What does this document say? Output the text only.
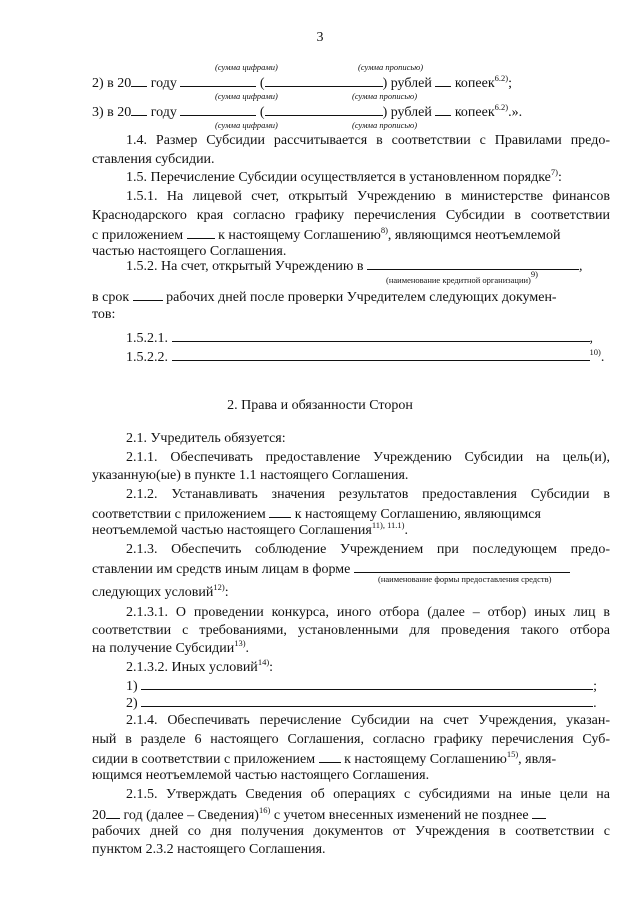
3
(сумма цифрами)	(сумма прописью)
2) в 20 году	(	) рублей копеек$^{6.2)}$;
(сумма цифрами)	(сумма прописью)
3) в 20 году	(	) рублей копеек$^{6.2)}$.».
(сумма цифрами)	(сумма прописью)
1.4. Размер Субсидии рассчитывается в соответствии с Правилами предо-
ставления субсидии.
1.5. Перечисление Субсидии осуществляется в установленном порядке$^{7)}$:
1.5.1. На лицевой счет, открытый Учреждению в министерстве финансов
Краснодарского края согласно графику перечисления Субсидии в соответствии
с приложением	к настоящему Соглашению$^{8)}$, являющимся неотъемлемой
частью настоящего Соглашения.
1.5.2. На счет, открытый Учреждению в	,
(наименование кредитной организации)$^{9)}$
в срок	рабочих дней после проверки Учредителем следующих докумен-
тов:
1.5.2.1.	,
1.5.2.2.	$^{10)}$.
2. Права и обязанности Сторон
2.1. Учредитель обязуется:
2.1.1. Обеспечивать предоставление Учреждению Субсидии на цель(и),
указанную(ые) в пункте 1.1 настоящего Соглашения.
2.1.2. Устанавливать значения результатов предоставления Субсидии в
соответствии с приложением к настоящему Соглашению, являющимся
неотъемлемой частью настоящего Соглашения$^{11), 11.1)}$.
2.1.3. Обеспечить соблюдение Учреждением при последующем предо-
ставлении им средств иным лицам в форме
(наименование формы предоставления средств)
следующих условий$^{12)}$:
2.1.3.1. О проведении конкурса, иного отбора (далее – отбор) иных лиц в
соответствии с требованиями, установленными для проведения такого отбора
на получение Субсидии$^{13)}$.
2.1.3.2. Иных условий$^{14)}$:
1)	;
2)	.
2.1.4. Обеспечивать перечисление Субсидии на счет Учреждения, указан-
ный в разделе 6 настоящего Соглашения, согласно графику перечисления Суб-
сидии в соответствии с приложением к настоящему Соглашению$^{15)}$, явля-
ющимся неотъемлемой частью настоящего Соглашения.
2.1.5. Утверждать Сведения об операциях с субсидиями на иные цели на
20 год (далее – Сведения)$^{16)}$ с учетом внесенных изменений не позднее
рабочих дней со дня получения документов от Учреждения в соответствии с
пунктом 2.3.2 настоящего Соглашения.
